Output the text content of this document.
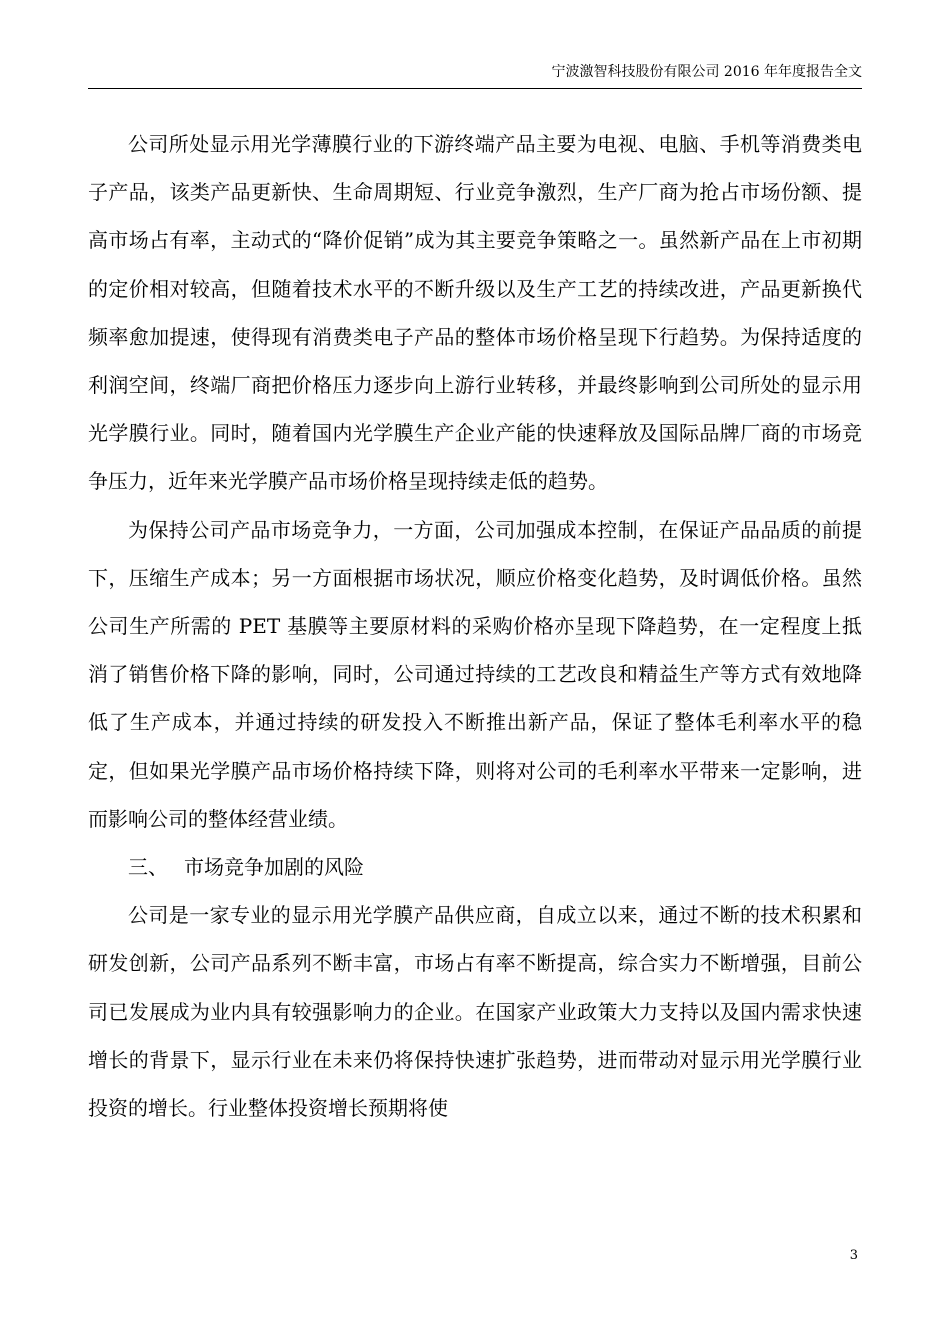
宁波激智科技股份有限公司 2016 年年度报告全文

公司所处显示用光学薄膜行业的下游终端产品主要为电视、电脑、手机等消费类电子产品，该类产品更新快、生命周期短、行业竞争激烈，生产厂商为抢占市场份额、提高市场占有率，主动式的“降价促销”成为其主要竞争策略之一。虽然新产品在上市初期的定价相对较高，但随着技术水平的不断升级以及生产工艺的持续改进，产品更新换代频率愈加提速，使得现有消费类电子产品的整体市场价格呈现下行趋势。为保持适度的利润空间，终端厂商把价格压力逐步向上游行业转移，并最终影响到公司所处的显示用光学膜行业。同时，随着国内光学膜生产企业产能的快速释放及国际品牌厂商的市场竞争压力，近年来光学膜产品市场价格呈现持续走低的趋势。

为保持公司产品市场竞争力，一方面，公司加强成本控制，在保证产品品质的前提下，压缩生产成本；另一方面根据市场状况，顺应价格变化趋势，及时调低价格。虽然公司生产所需的 PET 基膜等主要原材料的采购价格亦呈现下降趋势，在一定程度上抵消了销售价格下降的影响，同时，公司通过持续的工艺改良和精益生产等方式有效地降低了生产成本，并通过持续的研发投入不断推出新产品，保证了整体毛利率水平的稳定，但如果光学膜产品市场价格持续下降，则将对公司的毛利率水平带来一定影响，进而影响公司的整体经营业绩。

三、 市场竞争加剧的风险

公司是一家专业的显示用光学膜产品供应商，自成立以来，通过不断的技术积累和研发创新，公司产品系列不断丰富，市场占有率不断提高，综合实力不断增强，目前公司已发展成为业内具有较强影响力的企业。在国家产业政策大力支持以及国内需求快速增长的背景下，显示行业在未来仍将保持快速扩张趋势，进而带动对显示用光学膜行业投资的增长。行业整体投资增长预期将使

3
